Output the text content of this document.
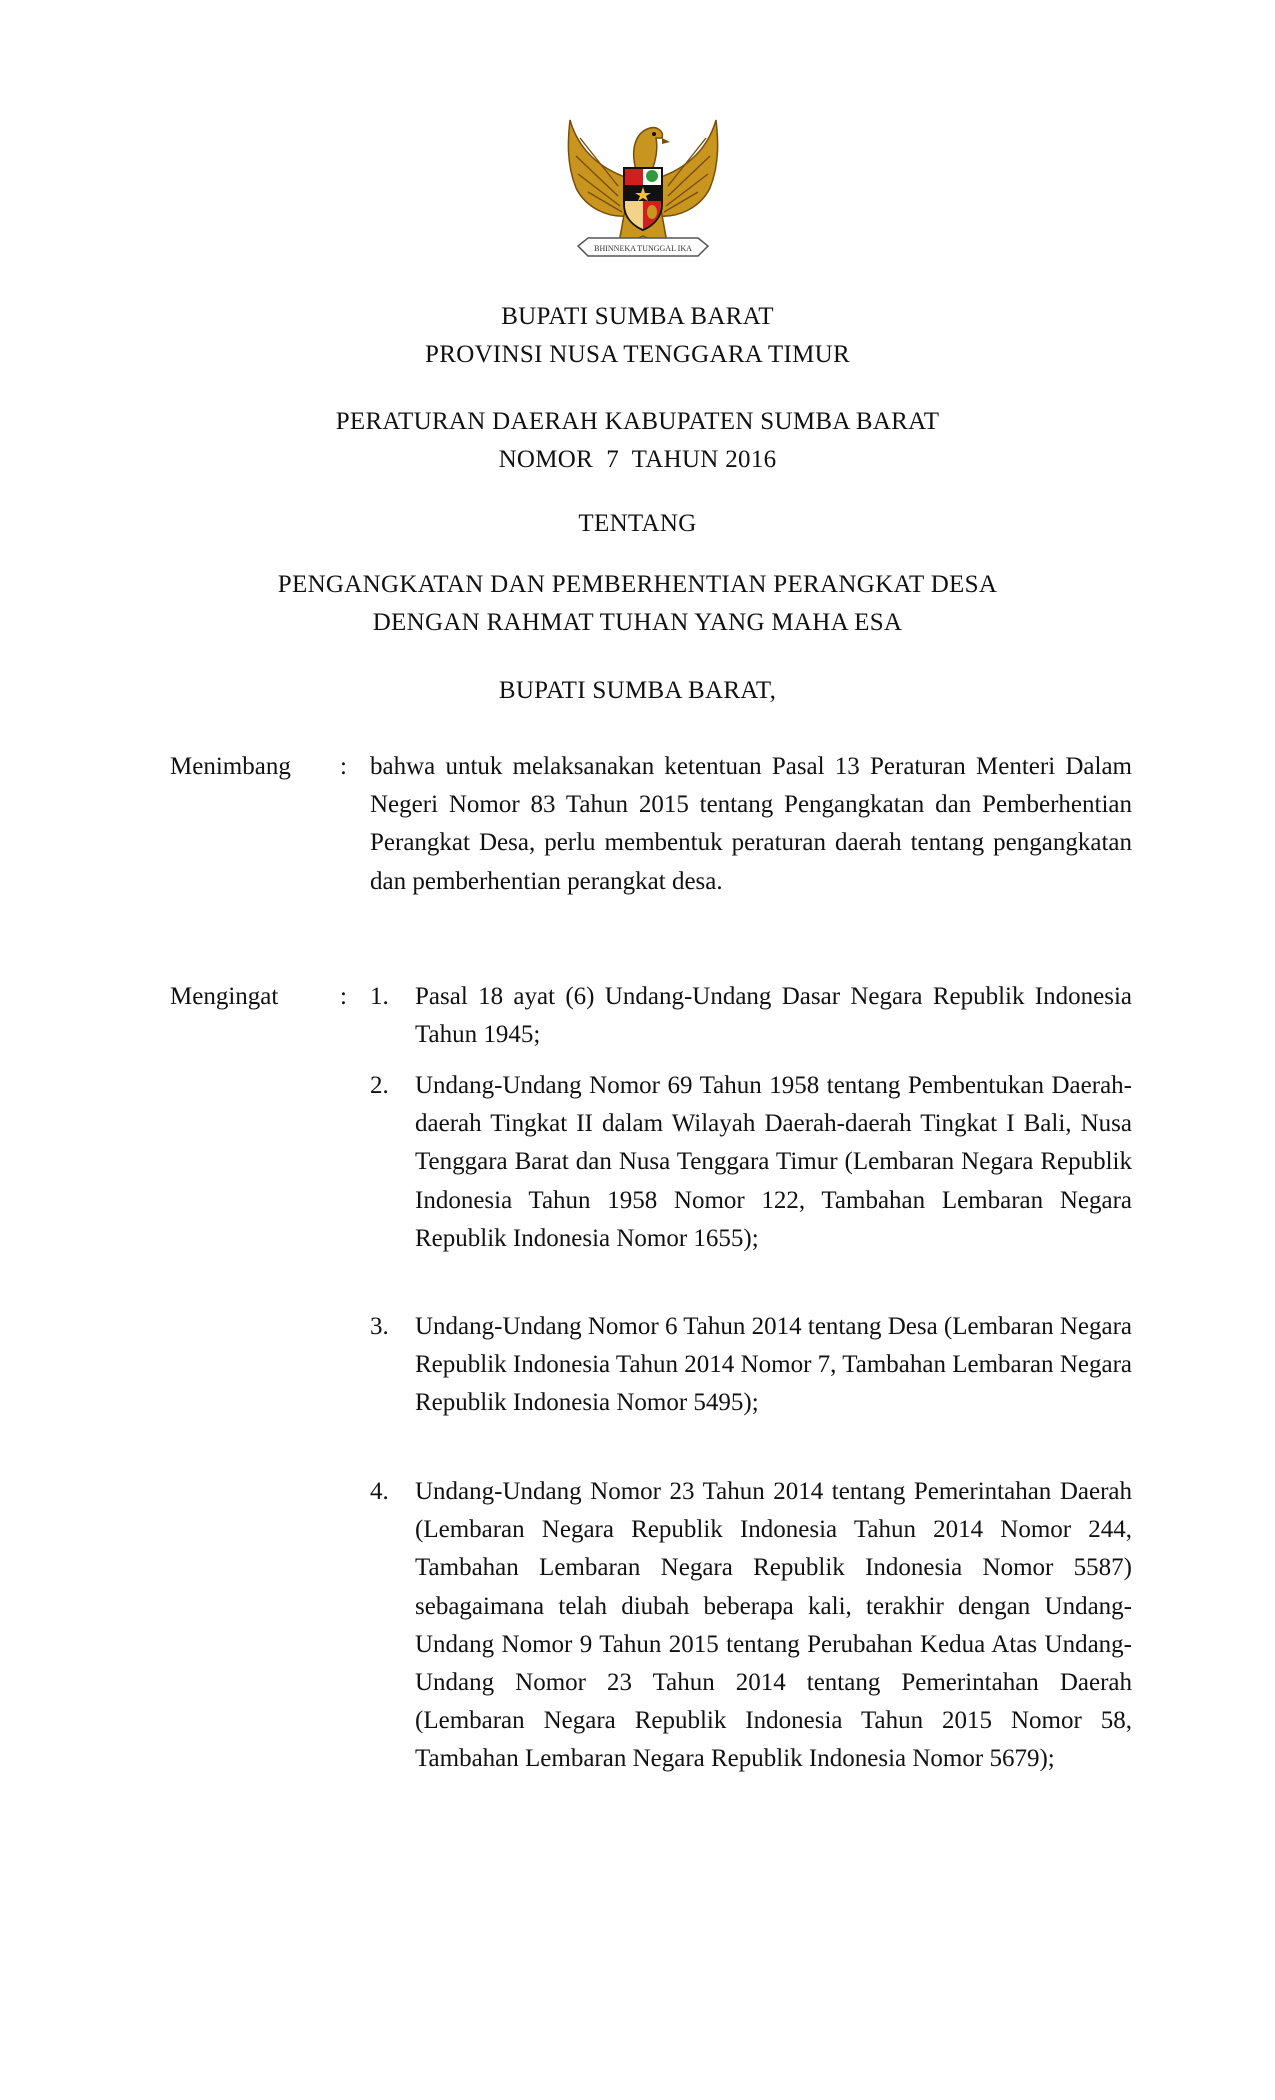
BHINNEKA TUNGGAL IKA
BUPATI SUMBA BARAT
PROVINSI NUSA TENGGARA TIMUR
PERATURAN DAERAH KABUPATEN SUMBA BARAT
NOMOR  7  TAHUN 2016
TENTANG
PENGANGKATAN DAN PEMBERHENTIAN PERANGKAT DESA
DENGAN RAHMAT TUHAN YANG MAHA ESA
BUPATI SUMBA BARAT,
Menimbang : bahwa untuk melaksanakan ketentuan Pasal 13 Peraturan Menteri Dalam Negeri Nomor 83 Tahun 2015 tentang Pengangkatan dan Pemberhentian Perangkat Desa, perlu membentuk peraturan daerah tentang pengangkatan dan pemberhentian perangkat desa.
Mengingat : 1. Pasal 18 ayat (6) Undang-Undang Dasar Negara Republik Indonesia Tahun 1945;
2. Undang-Undang Nomor 69 Tahun 1958 tentang Pembentukan Daerah-daerah Tingkat II dalam Wilayah Daerah-daerah Tingkat I Bali, Nusa Tenggara Barat dan Nusa Tenggara Timur (Lembaran Negara Republik Indonesia Tahun 1958 Nomor 122, Tambahan Lembaran Negara Republik Indonesia Nomor 1655);
3. Undang-Undang Nomor 6 Tahun 2014 tentang Desa (Lembaran Negara Republik Indonesia Tahun 2014 Nomor 7, Tambahan Lembaran Negara Republik Indonesia Nomor 5495);
4. Undang-Undang Nomor 23 Tahun 2014 tentang Pemerintahan Daerah (Lembaran Negara Republik Indonesia Tahun 2014 Nomor 244, Tambahan Lembaran Negara Republik Indonesia Nomor 5587) sebagaimana telah diubah beberapa kali, terakhir dengan Undang-Undang Nomor 9 Tahun 2015 tentang Perubahan Kedua Atas Undang-Undang Nomor 23 Tahun 2014 tentang Pemerintahan Daerah (Lembaran Negara Republik Indonesia Tahun 2015 Nomor 58, Tambahan Lembaran Negara Republik Indonesia Nomor 5679);
